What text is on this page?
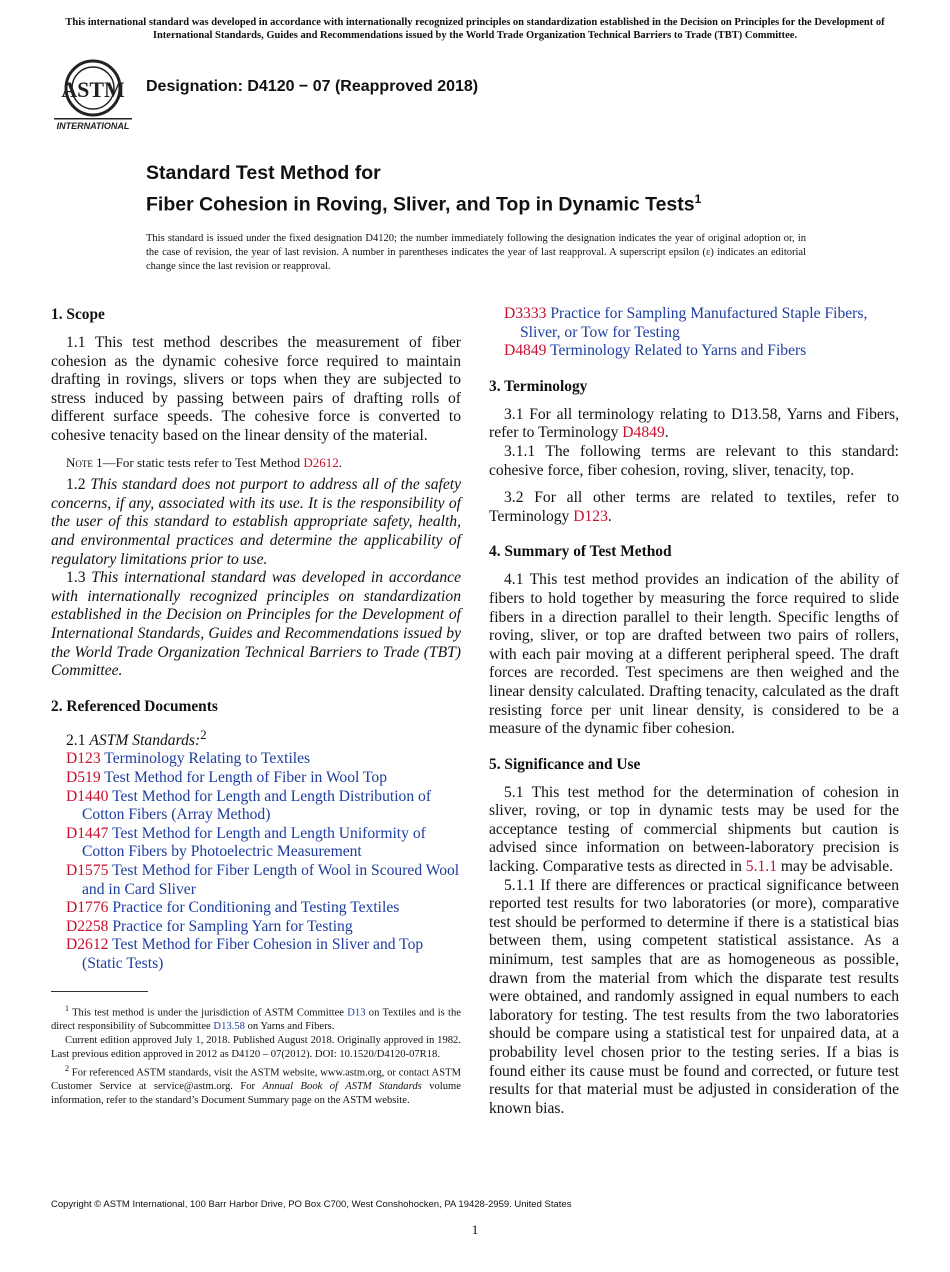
This international standard was developed in accordance with internationally recognized principles on standardization established in the Decision on Principles for the Development of International Standards, Guides and Recommendations issued by the World Trade Organization Technical Barriers to Trade (TBT) Committee.
ASTM
INTERNATIONAL
Designation: D4120 − 07 (Reapproved 2018)
Standard Test Method for
Fiber Cohesion in Roving, Sliver, and Top in Dynamic Tests$^1$
This standard is issued under the fixed designation D4120; the number immediately following the designation indicates the year of original adoption or, in the case of revision, the year of last revision. A number in parentheses indicates the year of last reapproval. A superscript epsilon (ε) indicates an editorial change since the last revision or reapproval.
1. Scope

1.1 This test method describes the measurement of fiber cohesion as the dynamic cohesive force required to maintain drafting in rovings, slivers or tops when they are subjected to stress induced by passing between pairs of drafting rolls of different surface speeds. The cohesive force is converted to cohesive tenacity based on the linear density of the material.

Note 1—For static tests refer to Test Method D2612.

1.2 This standard does not purport to address all of the safety concerns, if any, associated with its use. It is the responsibility of the user of this standard to establish appropriate safety, health, and environmental practices and determine the applicability of regulatory limitations prior to use.

1.3 This international standard was developed in accordance with internationally recognized principles on standardization established in the Decision on Principles for the Development of International Standards, Guides and Recommendations issued by the World Trade Organization Technical Barriers to Trade (TBT) Committee.

2. Referenced Documents

2.1 ASTM Standards:$^2$

D123 Terminology Relating to Textiles

D519 Test Method for Length of Fiber in Wool Top

D1440 Test Method for Length and Length Distribution of Cotton Fibers (Array Method)

D1447 Test Method for Length and Length Uniformity of Cotton Fibers by Photoelectric Measurement

D1575 Test Method for Fiber Length of Wool in Scoured Wool and in Card Sliver

D1776 Practice for Conditioning and Testing Textiles

D2258 Practice for Sampling Yarn for Testing

D2612 Test Method for Fiber Cohesion in Sliver and Top (Static Tests)

$^1$ This test method is under the jurisdiction of ASTM Committee D13 on Textiles and is the direct responsibility of Subcommittee D13.58 on Yarns and Fibers.

Current edition approved July 1, 2018. Published August 2018. Originally approved in 1982. Last previous edition approved in 2012 as D4120 – 07(2012). DOI: 10.1520/D4120-07R18.

$^2$ For referenced ASTM standards, visit the ASTM website, www.astm.org, or contact ASTM Customer Service at service@astm.org. For Annual Book of ASTM Standards volume information, refer to the standard’s Document Summary page on the ASTM website.

D3333 Practice for Sampling Manufactured Staple Fibers, Sliver, or Tow for Testing

D4849 Terminology Related to Yarns and Fibers

3. Terminology

3.1 For all terminology relating to D13.58, Yarns and Fibers, refer to Terminology D4849.

3.1.1 The following terms are relevant to this standard: cohesive force, fiber cohesion, roving, sliver, tenacity, top.

3.2 For all other terms are related to textiles, refer to Terminology D123.

4. Summary of Test Method

4.1 This test method provides an indication of the ability of fibers to hold together by measuring the force required to slide fibers in a direction parallel to their length. Specific lengths of roving, sliver, or top are drafted between two pairs of rollers, with each pair moving at a different peripheral speed. The draft forces are recorded. Test specimens are then weighed and the linear density calculated. Drafting tenacity, calculated as the draft resisting force per unit linear density, is considered to be a measure of the dynamic fiber cohesion.

5. Significance and Use

5.1 This test method for the determination of cohesion in sliver, roving, or top in dynamic tests may be used for the acceptance testing of commercial shipments but caution is advised since information on between-laboratory precision is lacking. Comparative tests as directed in 5.1.1 may be advisable.

5.1.1 If there are differences or practical significance between reported test results for two laboratories (or more), comparative test should be performed to determine if there is a statistical bias between them, using competent statistical assistance. As a minimum, test samples that are as homogeneous as possible, drawn from the material from which the disparate test results were obtained, and randomly assigned in equal numbers to each laboratory for testing. The test results from the two laboratories should be compare using a statistical test for unpaired data, at a probability level chosen prior to the testing series. If a bias is found either its cause must be found and corrected, or future test results for that material must be adjusted in consideration of the known bias.

Copyright © ASTM International, 100 Barr Harbor Drive, PO Box C700, West Conshohocken, PA 19428-2959. United States
1
